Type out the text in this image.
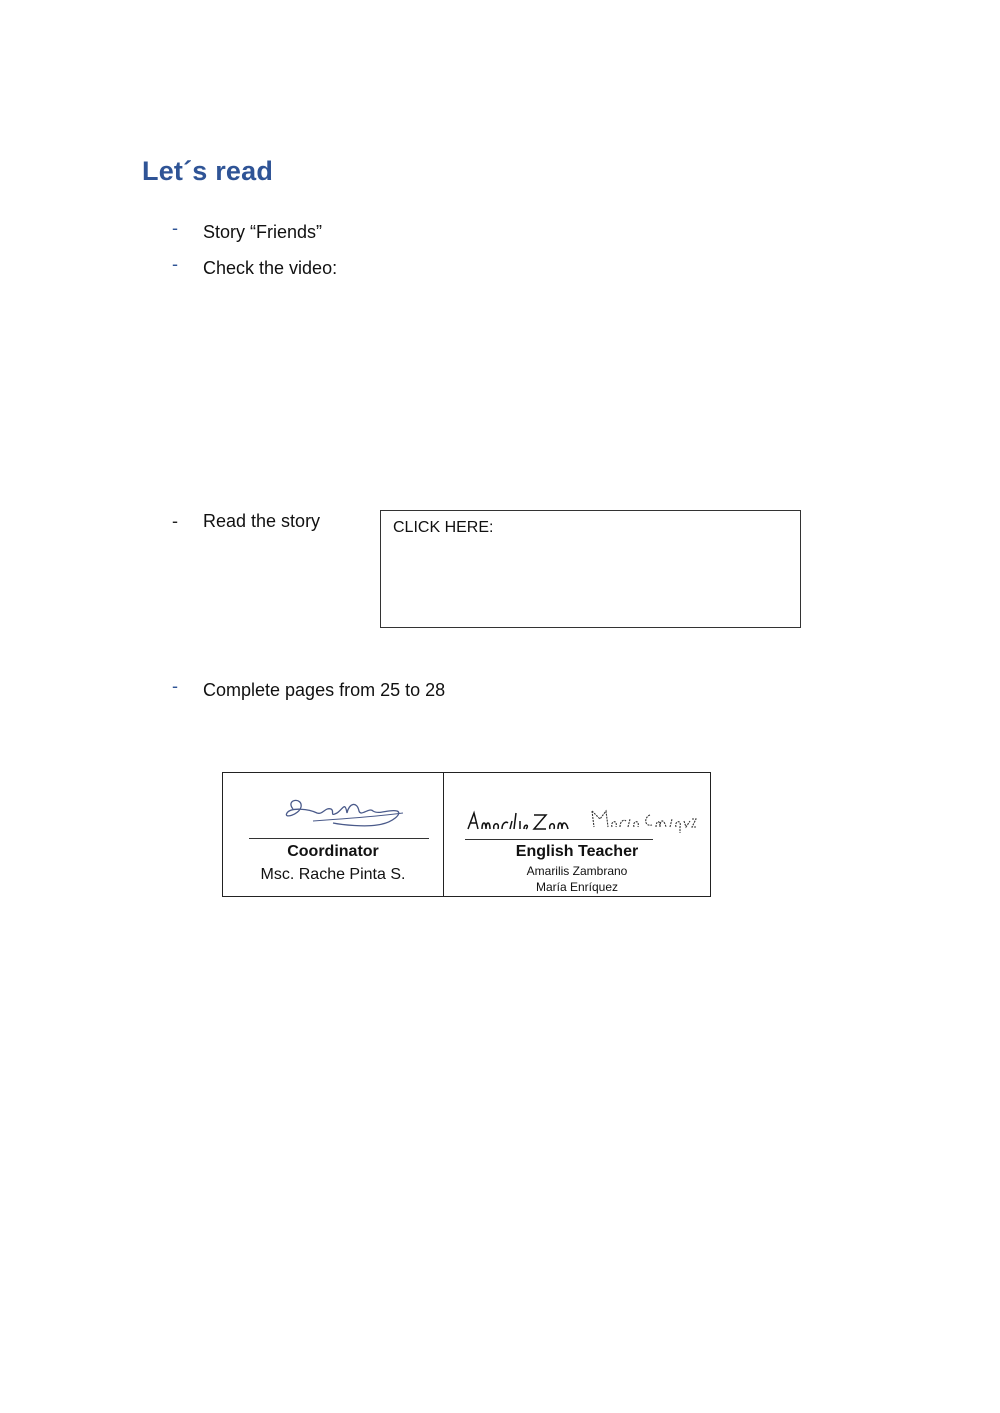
Let´s read
- Story “Friends”
- Check the video:
- Read the story	CLICK HERE:
- Complete pages from 25 to 28
Coordinator
Msc. Rache Pinta S.
English Teacher
Amarilis Zambrano
María Enríquez
